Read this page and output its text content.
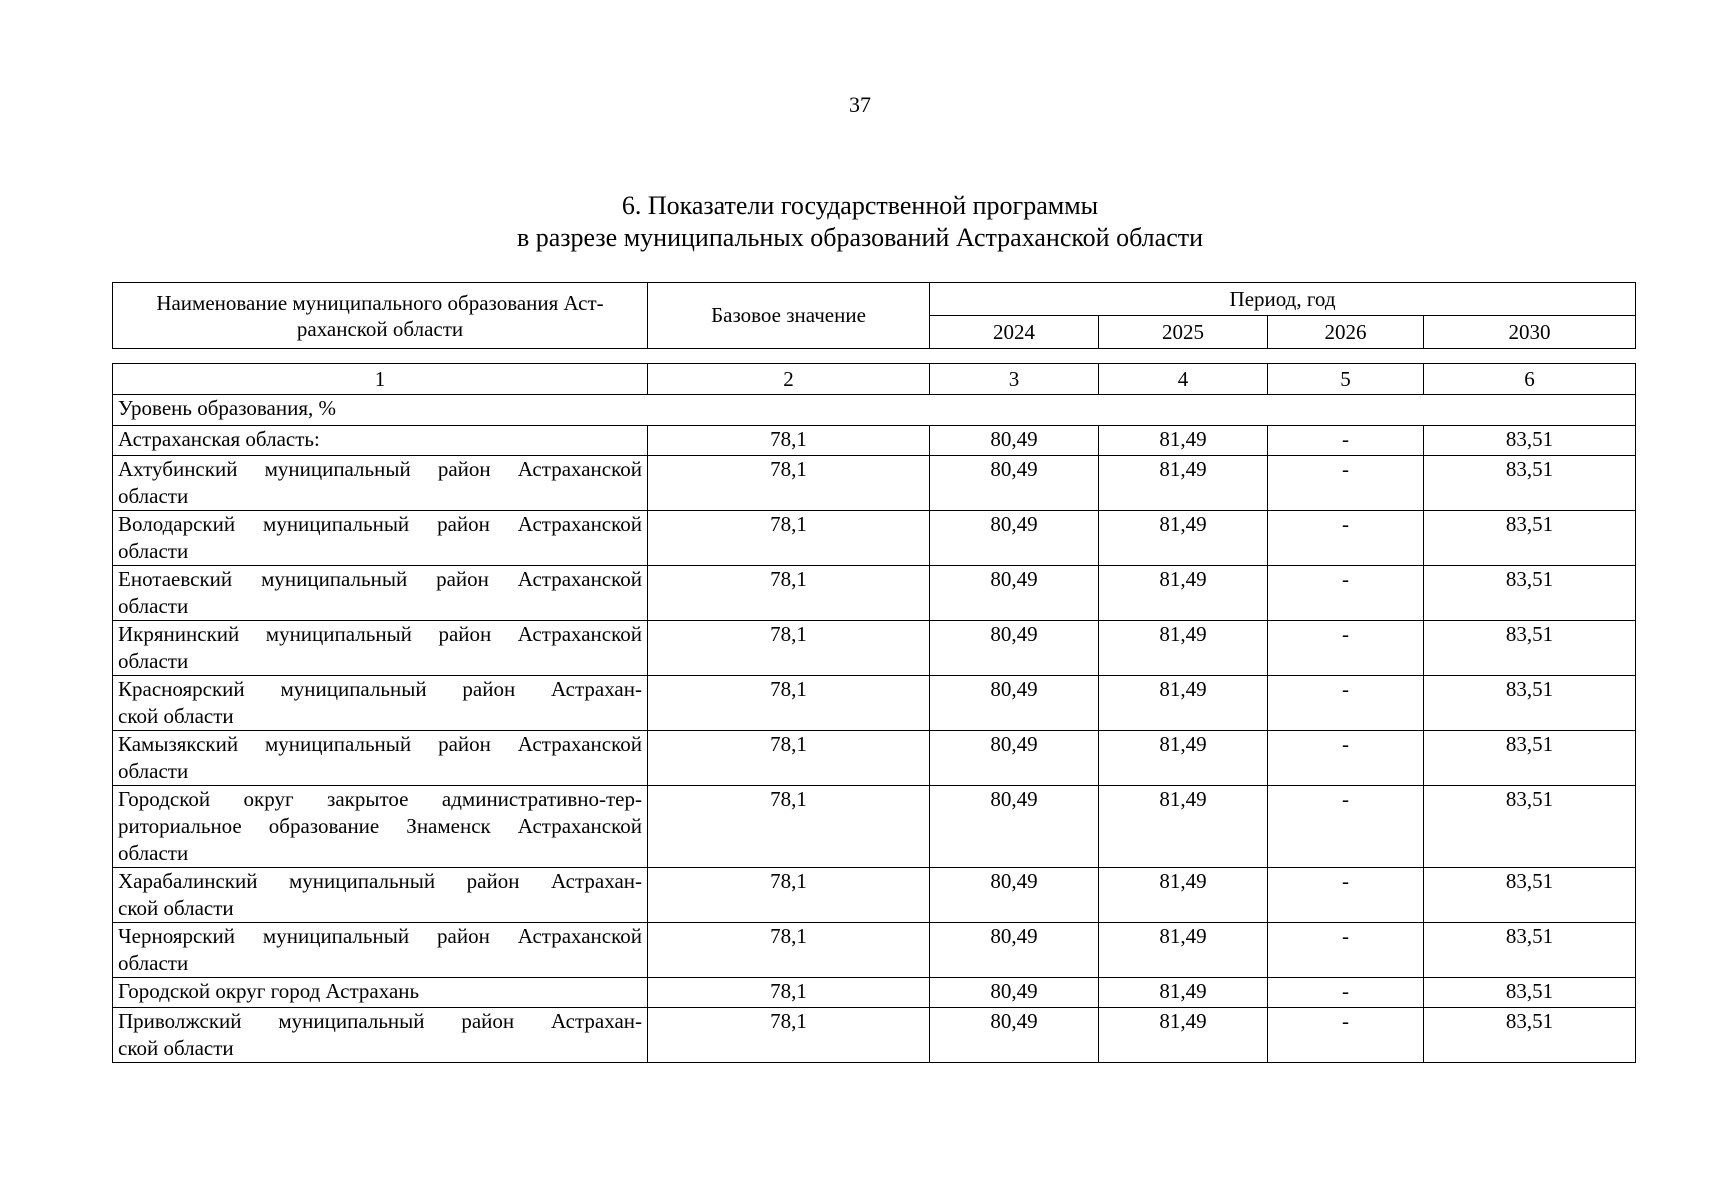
37
6. Показатели государственной программы
в разрезе муниципальных образований Астраханской области
Наименование муниципального образования Аст-
раханской области	Базовое значение	Период, год			
		2024	2025	2026	2030
1	2	3	4	5	6
Уровень образования, %					

Астраханская область:	78,1	80,49	81,49	-	83,51

Ахтубинский муниципальный район Астраханской
области	78,1	80,49	81,49	-	83,51

Володарский муниципальный район Астраханской
области	78,1	80,49	81,49	-	83,51

Енотаевский муниципальный район Астраханской
области	78,1	80,49	81,49	-	83,51

Икрянинский муниципальный район Астраханской
области	78,1	80,49	81,49	-	83,51

Красноярский муниципальный район Астрахан-
ской области	78,1	80,49	81,49	-	83,51

Камызякский муниципальный район Астраханской
области	78,1	80,49	81,49	-	83,51

Городской округ закрытое административно-тер-
риториальное образование Знаменск Астраханской
области	78,1	80,49	81,49	-	83,51

Харабалинский муниципальный район Астрахан-
ской области	78,1	80,49	81,49	-	83,51

Черноярский муниципальный район Астраханской
области	78,1	80,49	81,49	-	83,51

Городской округ город Астрахань	78,1	80,49	81,49	-	83,51

Приволжский муниципальный район Астрахан-
ской области	78,1	80,49	81,49	-	83,51
